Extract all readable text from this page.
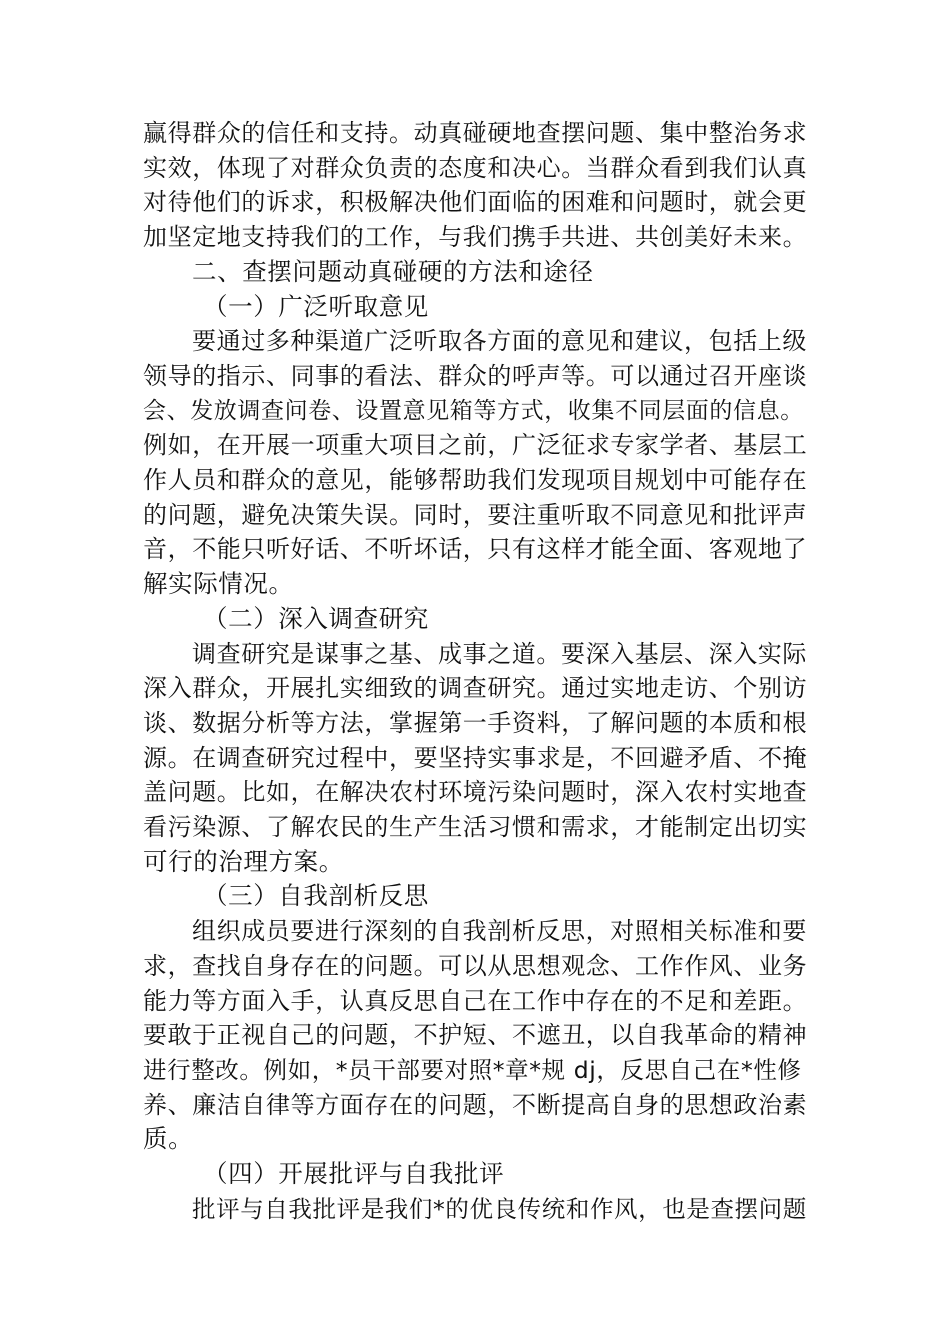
赢得群众的信任和支持。动真碰硬地查摆问题、集中整治务求
实效，体现了对群众负责的态度和决心。当群众看到我们认真
对待他们的诉求，积极解决他们面临的困难和问题时，就会更
加坚定地支持我们的工作，与我们携手共进、共创美好未来。
二、查摆问题动真碰硬的方法和途径
（一）广泛听取意见
要通过多种渠道广泛听取各方面的意见和建议，包括上级
领导的指示、同事的看法、群众的呼声等。可以通过召开座谈
会、发放调查问卷、设置意见箱等方式，收集不同层面的信息。
例如，在开展一项重大项目之前，广泛征求专家学者、基层工
作人员和群众的意见，能够帮助我们发现项目规划中可能存在
的问题，避免决策失误。同时，要注重听取不同意见和批评声
音，不能只听好话、不听坏话，只有这样才能全面、客观地了
解实际情况。
（二）深入调查研究
调查研究是谋事之基、成事之道。要深入基层、深入实际
深入群众，开展扎实细致的调查研究。通过实地走访、个别访
谈、数据分析等方法，掌握第一手资料，了解问题的本质和根
源。在调查研究过程中，要坚持实事求是，不回避矛盾、不掩
盖问题。比如，在解决农村环境污染问题时，深入农村实地查
看污染源、了解农民的生产生活习惯和需求，才能制定出切实
可行的治理方案。
（三）自我剖析反思
组织成员要进行深刻的自我剖析反思，对照相关标准和要
求，查找自身存在的问题。可以从思想观念、工作作风、业务
能力等方面入手，认真反思自己在工作中存在的不足和差距。
要敢于正视自己的问题，不护短、不遮丑，以自我革命的精神
进行整改。例如，*员干部要对照*章*规 dj，反思自己在*性修
养、廉洁自律等方面存在的问题，不断提高自身的思想政治素
质。
（四）开展批评与自我批评
批评与自我批评是我们*的优良传统和作风，也是查摆问题
